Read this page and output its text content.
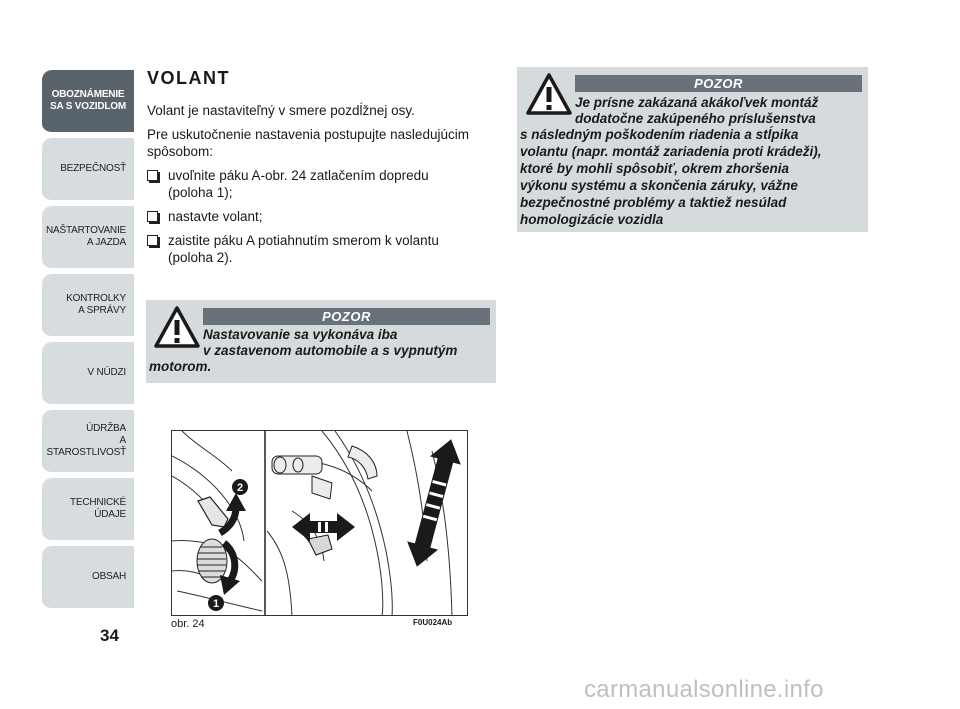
OBOZNÁMENIE
SA S VOZIDLOM
BEZPEČNOSŤ
NAŠTARTOVANIE
A JAZDA
KONTROLKY
A SPRÁVY
V NÚDZI
ÚDRŽBA
A STAROSTLIVOSŤ
TECHNICKÉ
ÚDAJE
OBSAH
34
VOLANT

Volant je nastaviteľný v smere pozdĺžnej osy.

Pre uskutočnenie nastavenia postupujte nasledujúcim spôsobom:

uvoľnite páku A-obr. 24 zatlačením dopredu
(poloha 1);
nastavte volant;
zaistite páku A potiahnutím smerom k volantu
(poloha 2).
POZOR
Nastavovanie sa vykonáva iba
v zastavenom automobile a s vypnutým
motorom.
POZOR
Je prísne zakázaná akákoľvek montáž
dodatočne zakúpeného príslušenstva
s následným poškodením riadenia a stĺpika
volantu (napr. montáž zariadenia proti krádeži),
ktoré by mohli spôsobiť, okrem zhoršenia
výkonu systému a skončenia záruky, vážne
bezpečnostné problémy a taktiež nesúlad
homologizácie vozidla
2
1
obr. 24	F0U024Ab
carmanualsonline.info
